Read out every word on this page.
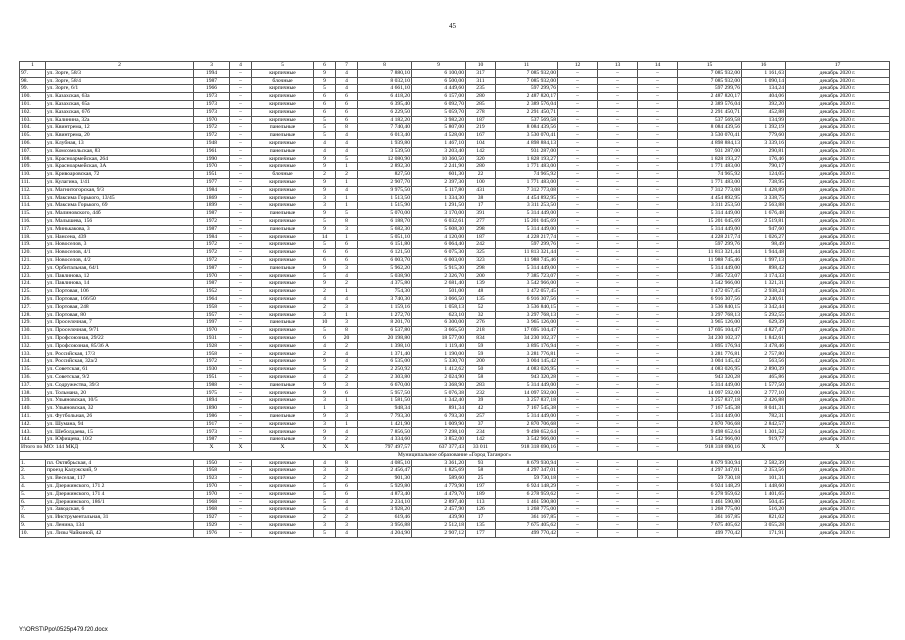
45
1	2	3	4	5	6	7	8	9	10	11	12	13	14	15	16	17
97.	ул. Зорге, 58/3	1994	–	кирпичные	9	4	7 880,10	6 100,00	317	7 085 932,00	–	–	–	7 085 932,00	1 161,63	декабрь 2020 г.
98.	ул. Зорге, 58/4	1987	–	блочные	9	4	8 032,10	6 500,00	311	7 085 932,00	–	–	–	7 085 932,00	1 090,14	декабрь 2020 г.
99.	ул. Зорге, 6/1	1966	–	кирпичные	5	4	4 661,10	4 449,60	235	597 299,76	–	–	–	597 299,76	134,24	декабрь 2020 г.
100.	ул. Казахская, 63а	1973	–	кирпичные	6	6	6 418,20	6 157,00	280	2 487 820,17	–	–	–	2 487 820,17	404,06	декабрь 2020 г.
101.	ул. Казахская, 65а	1973	–	кирпичные	6	6	6 395,40	6 092,70	285	2 389 576,04	–	–	–	2 389 576,04	392,20	декабрь 2020 г.
102.	ул. Казахская, 67б	1973	–	кирпичные	6	6	6 229,50	5 059,70	278	2 291 450,71	–	–	–	2 291 450,71	452,88	декабрь 2020 г.
103.	ул. Калинина, 32а	1970	–	кирпичные	5	6	4 182,20	3 982,20	187	537 569,58	–	–	–	537 569,58	134,99	декабрь 2020 г.
104.	ул. Квинтрема, 12	1972	–	панельные	5	8	7 740,40	5 807,00	219	8 084 439,56	–	–	–	8 084 439,56	1 392,19	декабрь 2020 г.
105.	ул. Квинтрема, 20	1972	–	панельные	5	4	6 013,40	4 528,00	167	3 530 070,41	–	–	–	3 530 070,41	779,60	декабрь 2020 г.
106.	ул. Клубная, 13	1948	–	кирпичные	4	4	1 939,80	1 467,10	104	4 898 884,13	–	–	–	4 898 884,13	3 339,16	декабрь 2020 г.
107.	ул. Комсомольская, 83	1961	–	панельные	4	4	3 539,50	3 203,40	142	931 287,00	–	–	–	931 287,00	290,81	декабрь 2020 г.
108.	ул. Красноармейская, 264	1990	–	кирпичные	9	5	12 080,90	10 360,50	320	1 828 193,27	–	–	–	1 828 193,27	176,46	декабрь 2020 г.
109.	ул. Красноармейская, 3А	1970	–	кирпичные	9	1	2 892,30	2 241,90	280	1 771 483,00	–	–	–	1 771 483,00	790,17	декабрь 2020 г.
110.	ул. Кривоаровская, 72	1951	–	блочные	2	2	827,50	601,30	22	74 965,92	–	–	–	74 965,92	124,05	декабрь 2020 г.
111.	ул. Кулагина, 1/41	1977	–	кирпичные	9	1	2 907,70	2 397,30	100	1 771 483,00	–	–	–	1 771 483,00	738,95	декабрь 2020 г.
112.	ул. Магнитогорская, 9/3	1984	–	кирпичные	9	4	9 975,50	5 117,80	431	7 312 773,08	–	–	–	7 312 773,08	1 428,89	декабрь 2020 г.
113.	ул. Максима Горького, 13/45	1869	–	кирпичные	3	1	1 513,50	1 334,30	38	4 454 892,95	–	–	–	4 454 892,95	3 338,75	декабрь 2020 г.
114.	ул. Максима Горького, 69	1899	–	кирпичные	3	1	1 515,90	1 291,50	17	3 311 253,50	–	–	–	3 311 253,50	2 563,88	декабрь 2020 г.
115.	ул. Малиновского, 44б	1987	–	панельные	9	5	5 070,00	3 170,00	391	5 314 449,00	–	–	–	5 314 449,00	1 676,48	декабрь 2020 г.
116.	ул. Малышева, 156	1972	–	кирпичные	5	8	6 188,70	6 032,61	277	15 201 045,69	–	–	–	15 201 045,69	2 519,81	декабрь 2020 г.
117.	ул. Минькакова, 3	1987	–	панельные	9	3	5 682,30	5 608,30	298	5 314 449,00	–	–	–	5 314 449,00	947,60	декабрь 2020 г.
118.	ул. Нансена, 439	1984	–	кирпичные	14	1	5 051,10	4 120,00	187	4 228 217,74	–	–	–	4 228 217,74	1 026,27	декабрь 2020 г.
119.	ул. Новоселов, 3	1972	–	кирпичные	5	6	6 151,80	6 064,40	242	597 299,76	–	–	–	597 299,76	98,49	декабрь 2020 г.
120.	ул. Новоселов, 4/1	1972	–	кирпичные	6	6	6 121,50	6 075,30	325	11 813 321,44	–	–	–	11 813 321,44	1 944,48	декабрь 2020 г.
121.	ул. Новоселов, 4/2	1972	–	кирпичные	6	6	6 003,70	6 003,00	323	11 988 745,46	–	–	–	11 988 745,46	1 997,13	декабрь 2020 г.
122.	ул. Орбитальная, 64/1	1987	–	панельные	9	3	5 962,20	5 915,30	298	5 314 449,00	–	–	–	5 314 449,00	898,42	декабрь 2020 г.
123.	ул. Павлинова, 12	1970	–	кирпичные	5	4	5 038,90	2 326,70	200	7 385 723,07	–	–	–	7 385 723,07	3 174,33	декабрь 2020 г.
124.	ул. Павлинова, 14	1987	–	кирпичные	9	2	4 375,80	2 681,40	139	3 542 966,00	–	–	–	3 542 966,00	1 321,31	декабрь 2020 г.
125.	ул. Портовая, 106	1952	–	кирпичные	2	1	754,30	501,00	48	1 472 057,45	–	–	–	1 472 057,45	2 938,24	декабрь 2020 г.
126.	ул. Портовая, 166/50	1964	–	кирпичные	4	4	3 740,30	3 066,50	135	6 916 307,56	–	–	–	6 916 307,56	2 240,61	декабрь 2020 г.
127.	ул. Портовая, 248	1958	–	кирпичные	2	3	1 159,16	1 058,13	52	3 536 840,15	–	–	–	3 536 840,15	3 342,44	декабрь 2020 г.
128.	ул. Портовая, 80	1957	–	кирпичные	3	1	1 272,70	623,10	32	3 297 768,13	–	–	–	3 297 768,13	5 292,55	декабрь 2020 г.
129.	ул. Проселочная, 7	1997	–	панельные	10	3	8 201,70	6 300,00	276	3 965 126,00	–	–	–	3 965 126,00	629,39	декабрь 2020 г.
130.	ул. Проселочная, 9/71	1970	–	кирпичные	5	8	6 537,80	3 665,50	218	17 695 104,47	–	–	–	17 695 104,47	4 827,47	декабрь 2020 г.
131.	ул. Профсоюзная, 29/22	1931	–	кирпичные	6	20	20 198,80	18 577,00	834	34 230 102,37	–	–	–	34 230 102,37	1 842,61	декабрь 2020 г.
132.	ул. Профсоюзная, 85/36 А	1928	–	кирпичные	4	2	1 398,10	1 119,40	59	3 895 176,94	–	–	–	3 895 176,94	3 478,46	декабрь 2020 г.
133.	ул. Российская, 17/3	1958	–	кирпичные	2	4	1 371,40	1 190,00	59	3 281 776,81	–	–	–	3 281 776,81	2 757,80	декабрь 2020 г.
134.	ул. Российская, 32а/2	1972	–	кирпичные	9	4	6 535,00	5 330,70	200	3 004 145,42	–	–	–	3 004 145,42	563,56	декабрь 2020 г.
135.	ул. Советская, 61	1930	–	кирпичные	5	2	2 250,92	1 412,62	50	4 083 026,95	–	–	–	4 083 026,95	2 890,39	декабрь 2020 г.
136.	ул. Советская, 9/2	1951	–	кирпичные	4	2	2 303,80	2 024,90	58	943 320,28	–	–	–	943 320,28	465,86	декабрь 2020 г.
137.	ул. Содружества, 39/3	1988	–	панельные	9	3	6 670,00	3 368,90	283	5 314 449,00	–	–	–	5 314 449,00	1 577,50	декабрь 2020 г.
138.	ул. Тольмана, 20	1975	–	кирпичные	9	6	5 957,50	5 076,38	232	14 097 592,00	–	–	–	14 097 592,00	2 777,10	декабрь 2020 г.
139.	ул. Ульяновская, 10/5	1894	–	кирпичные	3	1	1 581,50	1 342,40	39	3 257 837,18	–	–	–	3 257 837,18	2 426,88	декабрь 2020 г.
140.	ул. Ульяновская, 32	1890	–	кирпичные	1	3	948,34	891,34	42	7 167 545,38	–	–	–	7 167 545,38	8 041,31	декабрь 2020 г.
141.	ул. Футбольная, 26	1986	–	панельные	9	3	7 793,30	6 793,30	257	5 314 449,00	–	–	–	5 314 449,00	782,31	декабрь 2020 г.
142.	ул. Шумана, 94	1917	–	кирпичные	3	1	1 421,90	1 009,90	37	2 870 706,68	–	–	–	2 870 706,68	2 842,57	декабрь 2020 г.
143.	ул. Шеболдаева, 15	1973	–	кирпичные	9	4	7 856,50	7 298,10	234	9 498 652,64	–	–	–	9 498 652,64	1 301,52	декабрь 2020 г.
144.	ул. Юфищева, 10/2	1987	–	панельные	9	2	4 334,60	3 852,00	142	3 542 966,00	–	–	–	3 542 966,00	919,77	декабрь 2020 г.
Итого по МО: 144 МКД		Х	Х	Х	Х	Х	797 497,57	637 377,43	33 011	918 318 690,16	–	–	–	918 318 690,16	Х	Х
Муниципальное образование «Город Таганрог»																
1.	пл. Октябрьская, 4	1950	–	кирпичные	4	8	4 085,10	3 361,20	93	8 679 930,94	–	–	–	8 679 930,94	2 582,39	декабрь 2020 г.
2.	проезд Калужский, 9	1958	–	кирпичные	3	3	2 456,47	1 825,69	58	4 297 347,01	–	–	–	4 297 347,01	2 353,56	декабрь 2020 г.
3.	ул. Веселая, 117	1923	–	кирпичные	2	2	901,30	589,60	25	59 730,18	–	–	–	59 730,18	101,31	декабрь 2020 г.
4.	ул. Дзержинского, 171 2	1970	–	кирпичные	5	6	5 929,80	4 779,90	197	6 924 148,29	–	–	–	6 924 148,29	1 448,60	декабрь 2020 г.
5.	ул. Дзержинского, 171 4	1970	–	кирпичные	5	6	4 873,40	4 479,70	189	6 278 959,62	–	–	–	6 278 959,62	1 401,65	декабрь 2020 г.
6.	ул. Дзержинского, 186/1	1968	–	кирпичные	5	4	2 234,10	2 897,40	113	1 461 590,80	–	–	–	1 461 590,80	504,45	декабрь 2020 г.
7.	ул. Заводская, 6	1968	–	кирпичные	5	4	3 928,20	2 457,90	126	1 268 775,00	–	–	–	1 268 775,00	516,20	декабрь 2020 г.
8.	ул. Инструментальная, 31	1927	–	кирпичные	2	2	619,46	439,90	17	361 167,85	–	–	–	361 167,85	821,02	декабрь 2020 г.
9.	ул. Ленина, 134	1929	–	кирпичные	3	3	3 956,88	2 512,18	135	7 675 405,62	–	–	–	7 675 405,62	3 055,28	декабрь 2020 г.
10.	ул. Лизы Чайкиной, 42	1976	–	кирпичные	5	4	4 204,90	2 907,12	177	499 770,42	–	–	–	499 770,42	171,91	декабрь 2020 г.
Y:\ORST\Ppo\0525p479.f20.docx
